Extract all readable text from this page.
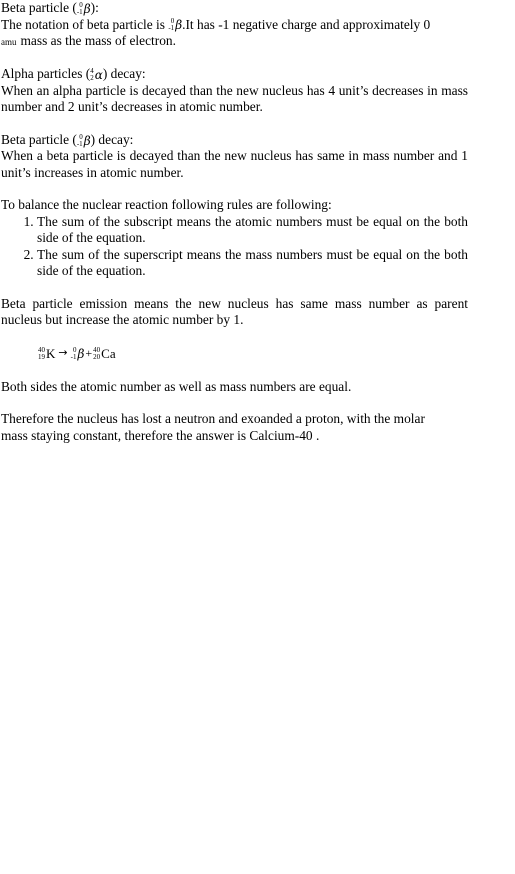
Beta particle ( 0
-1 β ):

The notation of beta particle is 0
-1 β .It has -1 negative charge and approximately 0
amu mass as the mass of electron.

Alpha particles ( 4
2 α ) decay:

When an alpha particle is decayed than the new nucleus has 4 unit’s decreases in mass number and 2 unit’s decreases in atomic number.

Beta particle ( 0
-1 β ) decay:

When a beta particle is decayed than the new nucleus has same in mass number and 1 unit’s increases in atomic number.

To balance the nuclear reaction following rules are following:

1. The sum of the subscript means the atomic numbers must be equal on the both side of the equation.
2. The sum of the superscript means the mass numbers must be equal on the both side of the equation.

Beta particle emission means the new nucleus has same mass number as parent nucleus but increase the atomic number by 1.

40
19 K → 0
-1 β + 40
20 Ca

Both sides the atomic number as well as mass numbers are equal.

Therefore the nucleus has lost a neutron and exoanded a proton, with the molar mass staying constant, therefore the answer is Calcium-40 .
